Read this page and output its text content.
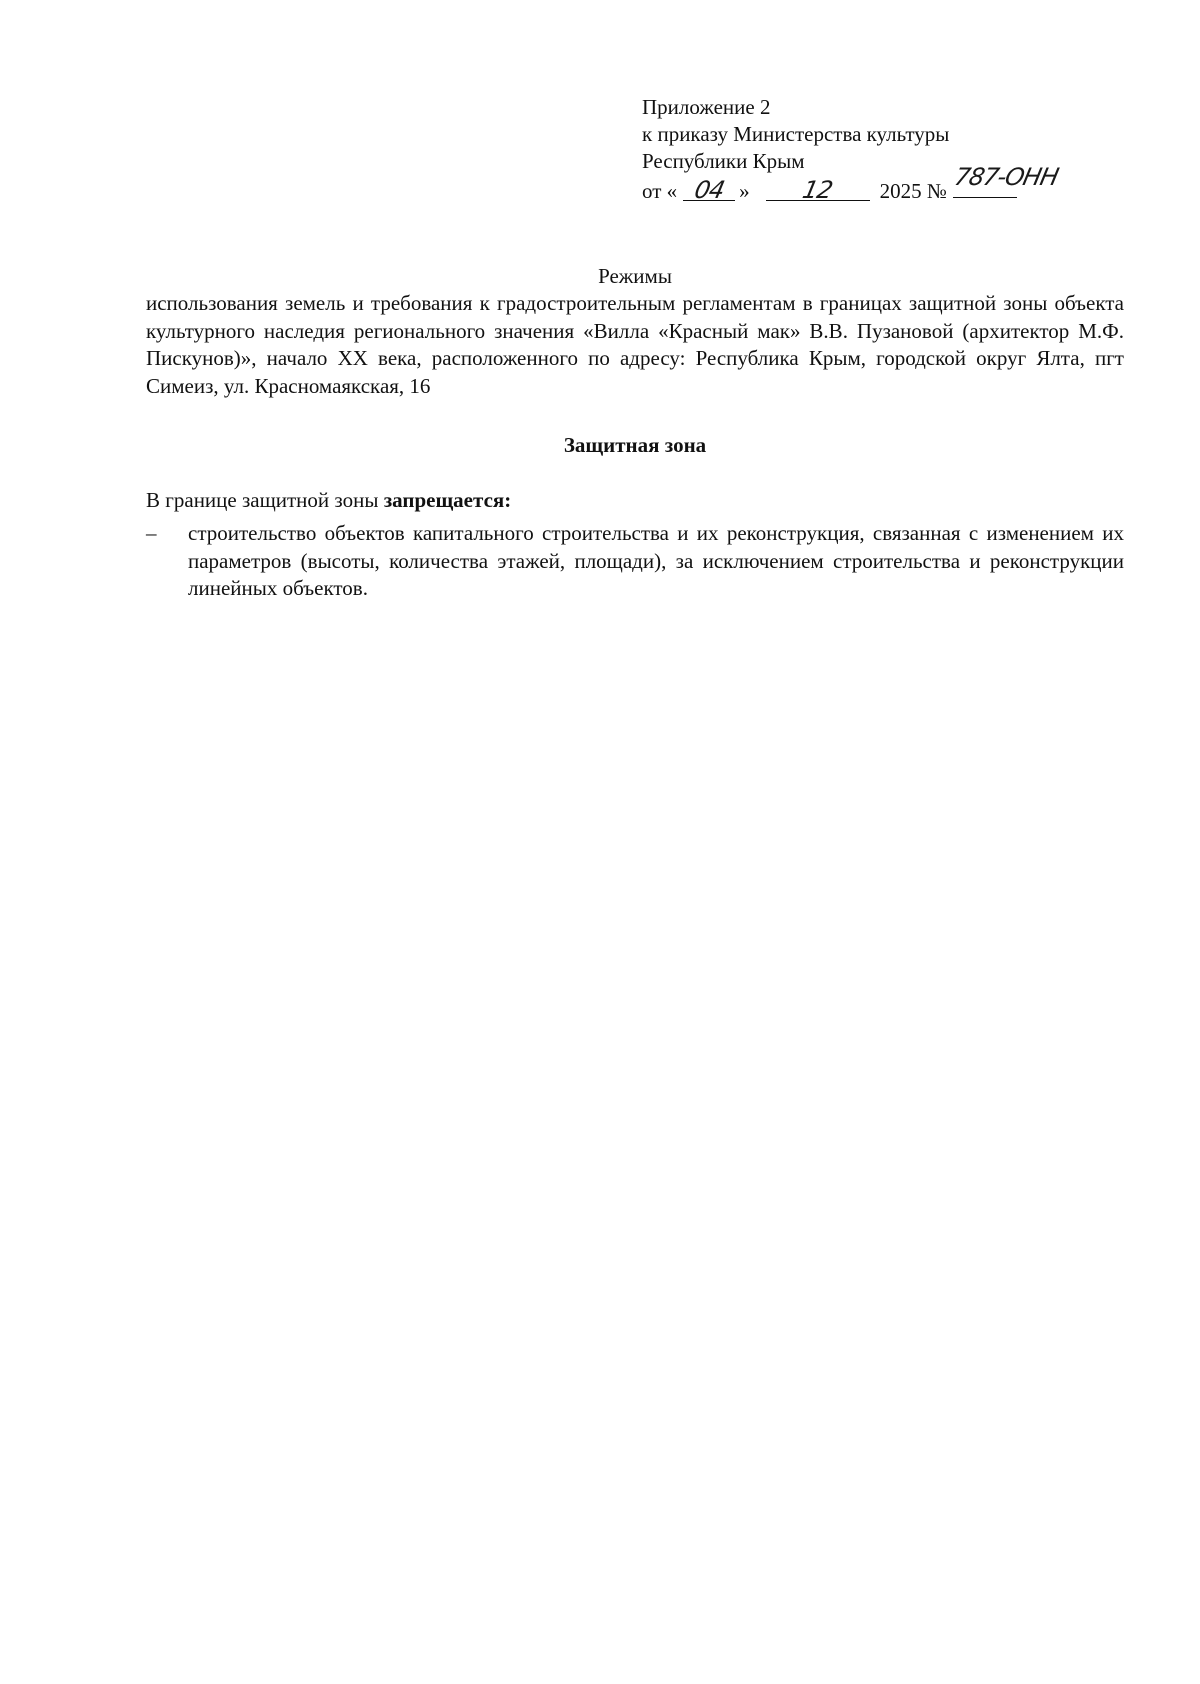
Приложение 2
к приказу Министерства культуры
Республики Крым
от « 04 » 12 2025 № 787-ОНН
Режимы
использования земель и требования к градостроительным регламентам в границах защитной зоны объекта культурного наследия регионального значения «Вилла «Красный мак» В.В. Пузановой (архитектор М.Ф. Пискунов)», начало XX века, расположенного по адресу: Республика Крым, городской округ Ялта, пгт Симеиз, ул. Красномаякская, 16
Защитная зона
В границе защитной зоны запрещается:
– строительство объектов капитального строительства и их реконструкция, связанная с изменением их параметров (высоты, количества этажей, площади), за исключением строительства и реконструкции линейных объектов.
